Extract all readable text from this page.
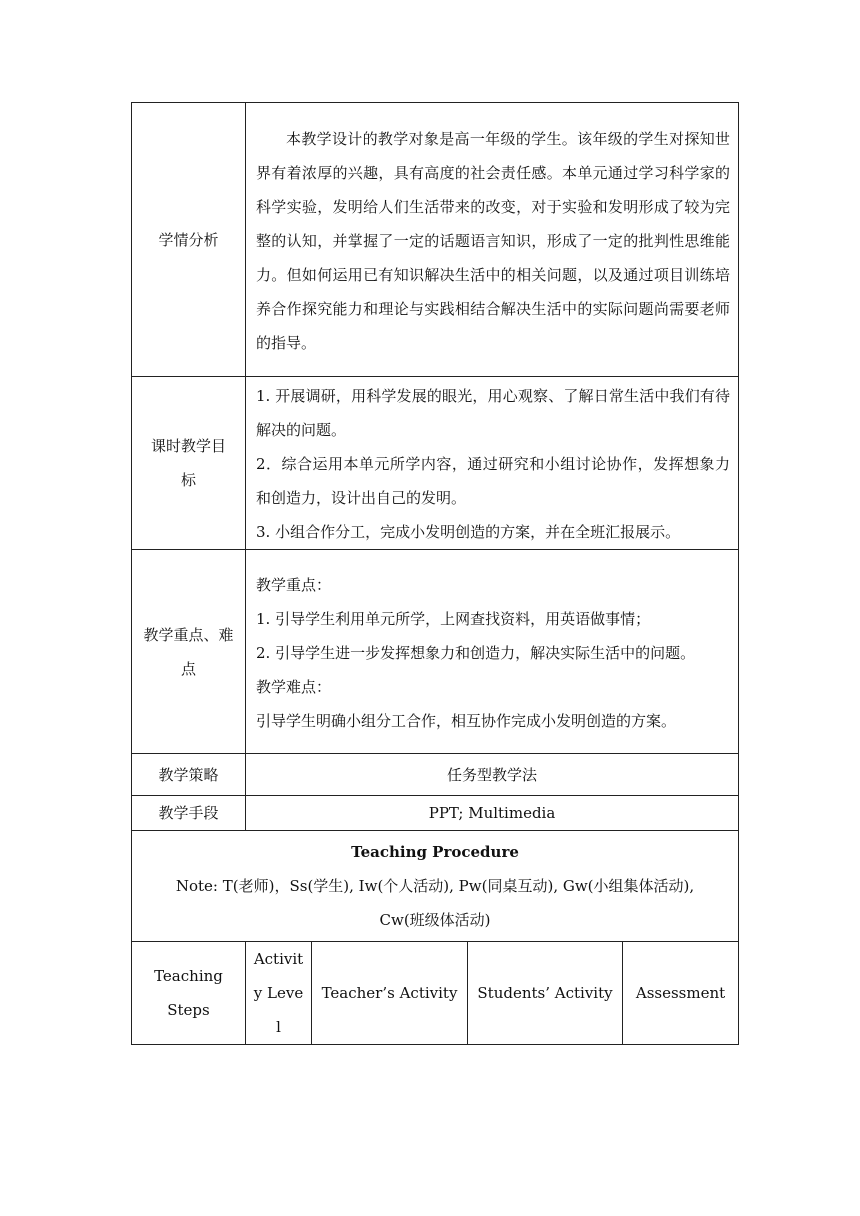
学情分析	本教学设计的教学对象是高一年级的学生。该年级的学生对探知世界有着浓厚的兴趣，具有高度的社会责任感。本单元通过学习科学家的科学实验，发明给人们生活带来的改变，对于实验和发明形成了较为完整的认知，并掌握了一定的话题语言知识，形成了一定的批判性思维能力。但如何运用已有知识解决生活中的相关问题，以及通过项目训练培养合作探究能力和理论与实践相结合解决生活中的实际问题尚需要老师的指导。			

课时教学目标	1. 开展调研，用科学发展的眼光，用心观察、了解日常生活中我们有待解决的问题。

2．综合运用本单元所学内容，通过研究和小组讨论协作，发挥想象力和创造力，设计出自己的发明。

3. 小组合作分工，完成小发明创造的方案，并在全班汇报展示。			

教学重点、难点	教学重点：

1. 引导学生利用单元所学，上网查找资料，用英语做事情；

2. 引导学生进一步发挥想象力和创造力，解决实际生活中的问题。

教学难点：

引导学生明确小组分工合作，相互协作完成小发明创造的方案。			

教学策略	任务型教学法			
教学手段	PPT; Multimedia			

Teaching Procedure
Note: T(老师)，Ss(学生), Iw(个人活动), Pw(同桌互动), Gw(小组集体活动), Cw(班级体活动)				

Teaching Steps	Activity Level	Teacher’s Activity	Students’ Activity	Assessment
